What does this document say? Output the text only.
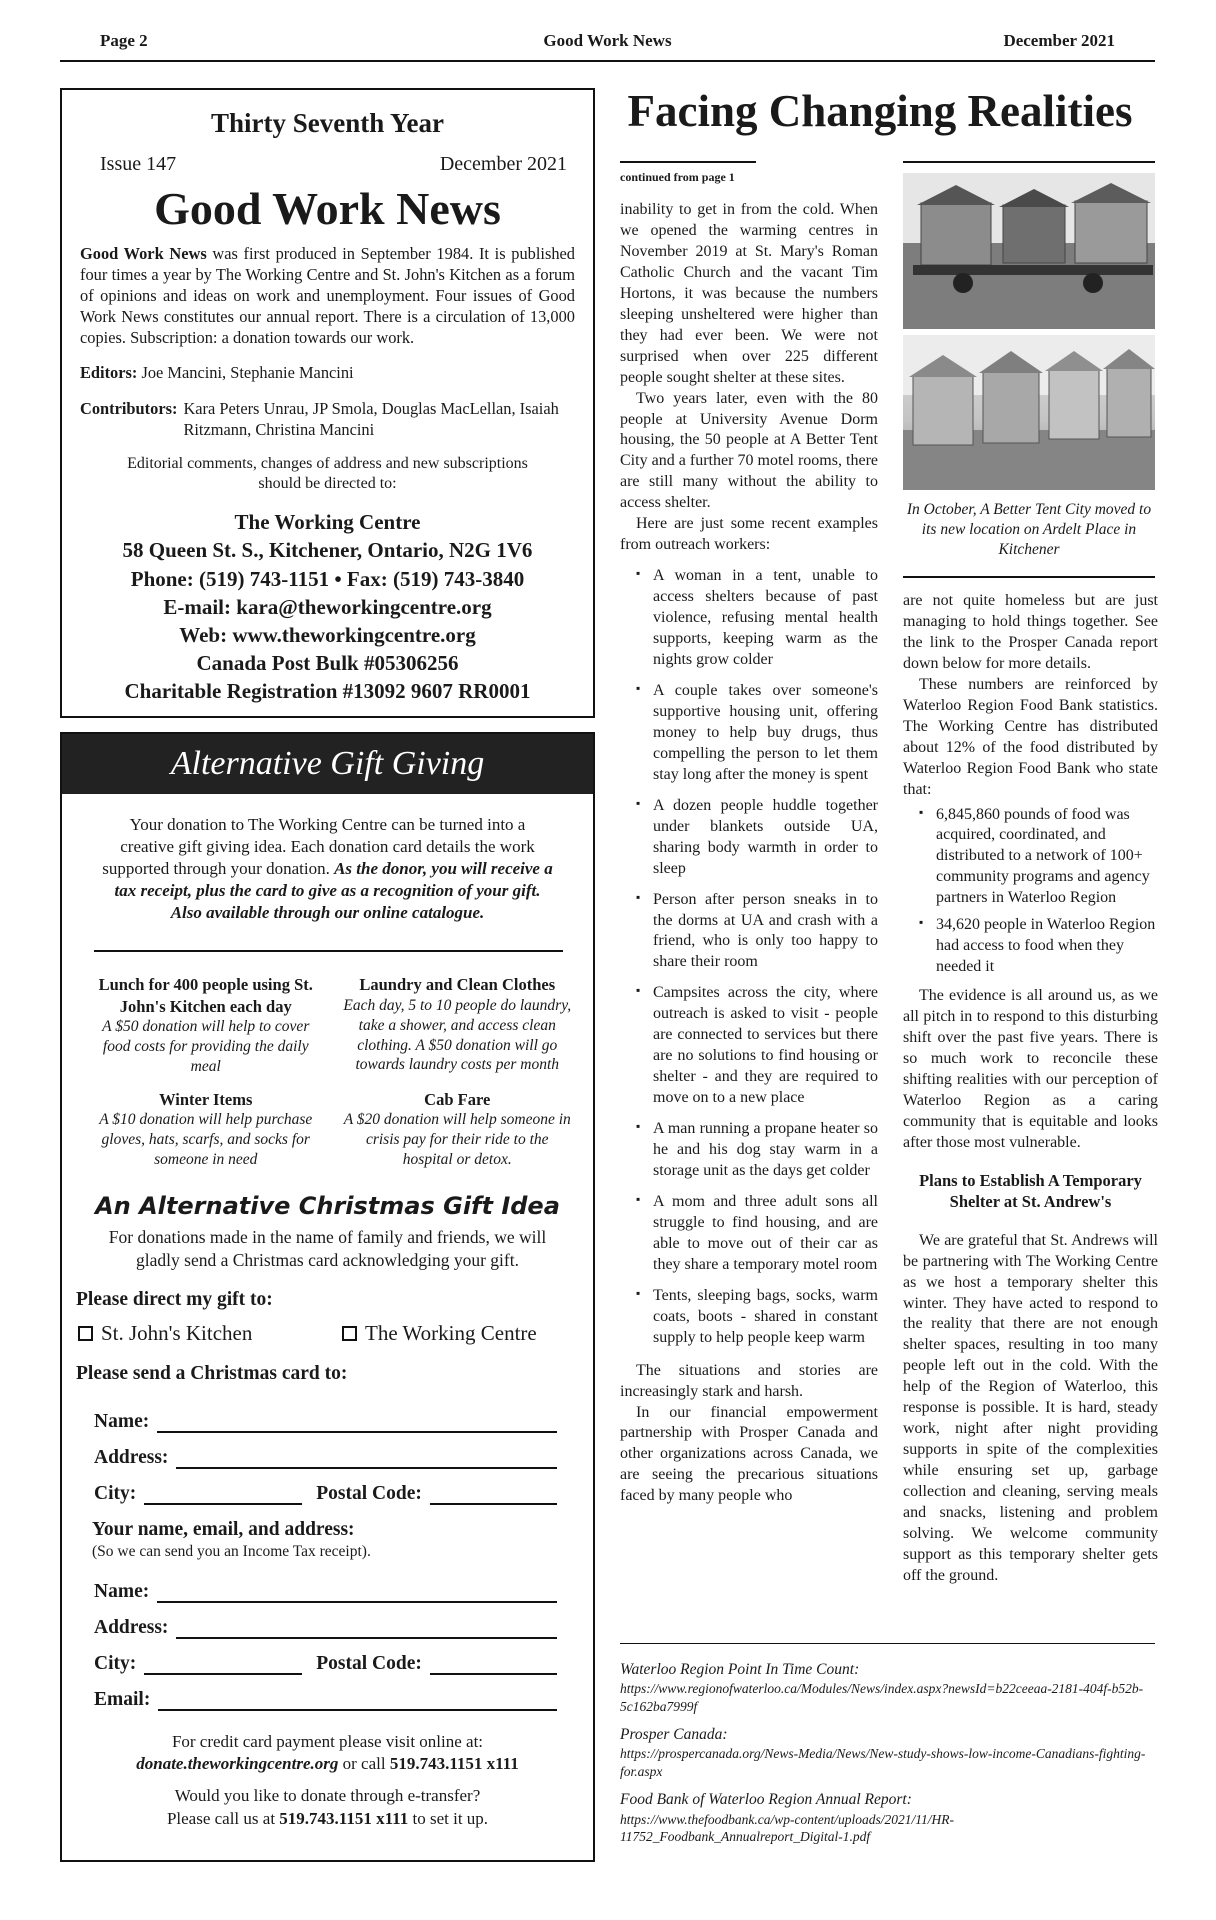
Page 2	Good Work News	December 2021
Thirty Seventh Year
Issue 147	December 2021
Good Work News
Good Work News was first produced in September 1984. It is published four times a year by The Working Centre and St. John's Kitchen as a forum of opinions and ideas on work and unemployment. Four issues of Good Work News constitutes our annual report. There is a circulation of 13,000 copies. Subscription: a donation towards our work.
Editors: Joe Mancini, Stephanie Mancini
Contributors: Kara Peters Unrau, JP Smola, Douglas MacLellan, Isaiah Ritzmann, Christina Mancini
Editorial comments, changes of address and new subscriptions should be directed to:
The Working Centre
58 Queen St. S., Kitchener, Ontario, N2G 1V6
Phone: (519) 743-1151 • Fax: (519) 743-3840
E-mail: kara@theworkingcentre.org
Web: www.theworkingcentre.org
Canada Post Bulk #05306256
Charitable Registration #13092 9607 RR0001
Alternative Gift Giving
Your donation to The Working Centre can be turned into a creative gift giving idea. Each donation card details the work supported through your donation. As the donor, you will receive a tax receipt, plus the card to give as a recognition of your gift. Also available through our online catalogue.
Lunch for 400 people using St. John's Kitchen each day
A $50 donation will help to cover food costs for providing the daily meal
Laundry and Clean Clothes
Each day, 5 to 10 people do laundry, take a shower, and access clean clothing. A $50 donation will go towards laundry costs per month
Winter Items
A $10 donation will help purchase gloves, hats, scarfs, and socks for someone in need
Cab Fare
A $20 donation will help someone in crisis pay for their ride to the hospital or detox.
An Alternative Christmas Gift Idea
For donations made in the name of family and friends, we will gladly send a Christmas card acknowledging your gift.
Please direct my gift to:
St. John's Kitchen	The Working Centre
Please send a Christmas card to:
Name:
Address:
City:	Postal Code:
Your name, email, and address:
(So we can send you an Income Tax receipt).
Name:
Address:
City:	Postal Code:
Email:
For credit card payment please visit online at:
donate.theworkingcentre.org or call 519.743.1151 x111
Would you like to donate through e-transfer?
Please call us at 519.743.1151 x111 to set it up.
Facing Changing Realities
continued from page 1

inability to get in from the cold. When we opened the warming centres in November 2019 at St. Mary's Roman Catholic Church and the vacant Tim Hortons, it was because the numbers sleeping unsheltered were higher than they had ever been. We were not surprised when over 225 different people sought shelter at these sites.

Two years later, even with the 80 people at University Avenue Dorm housing, the 50 people at A Better Tent City and a further 70 motel rooms, there are still many without the ability to access shelter.

Here are just some recent examples from outreach workers:

▪ A woman in a tent, unable to access shelters because of past violence, refusing mental health supports, keeping warm as the nights grow colder
▪ A couple takes over someone's supportive housing unit, offering money to help buy drugs, thus compelling the person to let them stay long after the money is spent
▪ A dozen people huddle together under blankets outside UA, sharing body warmth in order to sleep
▪ Person after person sneaks in to the dorms at UA and crash with a friend, who is only too happy to share their room
▪ Campsites across the city, where outreach is asked to visit - people are connected to services but there are no solutions to find housing or shelter - and they are required to move on to a new place
▪ A man running a propane heater so he and his dog stay warm in a storage unit as the days get colder
▪ A mom and three adult sons all struggle to find housing, and are able to move out of their car as they share a temporary motel room
▪ Tents, sleeping bags, socks, warm coats, boots - shared in constant supply to help people keep warm

The situations and stories are increasingly stark and harsh.

In our financial empowerment partnership with Prosper Canada and other organizations across Canada, we are seeing the precarious situations faced by many people who

In October, A Better Tent City moved to its new location on Ardelt Place in Kitchener

are not quite homeless but are just managing to hold things together. See the link to the Prosper Canada report down below for more details.

These numbers are reinforced by Waterloo Region Food Bank statistics. The Working Centre has distributed about 12% of the food distributed by Waterloo Region Food Bank who state that:

▪ 6,845,860 pounds of food was acquired, coordinated, and distributed to a network of 100+ community programs and agency partners in Waterloo Region
▪ 34,620 people in Waterloo Region had access to food when they needed it

The evidence is all around us, as we all pitch in to respond to this disturbing shift over the past five years. There is so much work to reconcile these shifting realities with our perception of Waterloo Region as a caring community that is equitable and looks after those most vulnerable.

Plans to Establish A Temporary Shelter at St. Andrew's

We are grateful that St. Andrews will be partnering with The Working Centre as we host a temporary shelter this winter. They have acted to respond to the reality that there are not enough shelter spaces, resulting in too many people left out in the cold. With the help of the Region of Waterloo, this response is possible. It is hard, steady work, night after night providing supports in spite of the complexities while ensuring set up, garbage collection and cleaning, serving meals and snacks, listening and problem solving. We welcome community support as this temporary shelter gets off the ground.

Waterloo Region Point In Time Count:
https://www.regionofwaterloo.ca/Modules/News/index.aspx?newsId=b22ceeaa-2181-404f-b52b-5c162ba7999f
Prosper Canada:
https://prospercanada.org/News-Media/News/New-study-shows-low-income-Canadians-fighting-for.aspx
Food Bank of Waterloo Region Annual Report:
https://www.thefoodbank.ca/wp-content/uploads/2021/11/HR-11752_Foodbank_Annualreport_Digital-1.pdf
